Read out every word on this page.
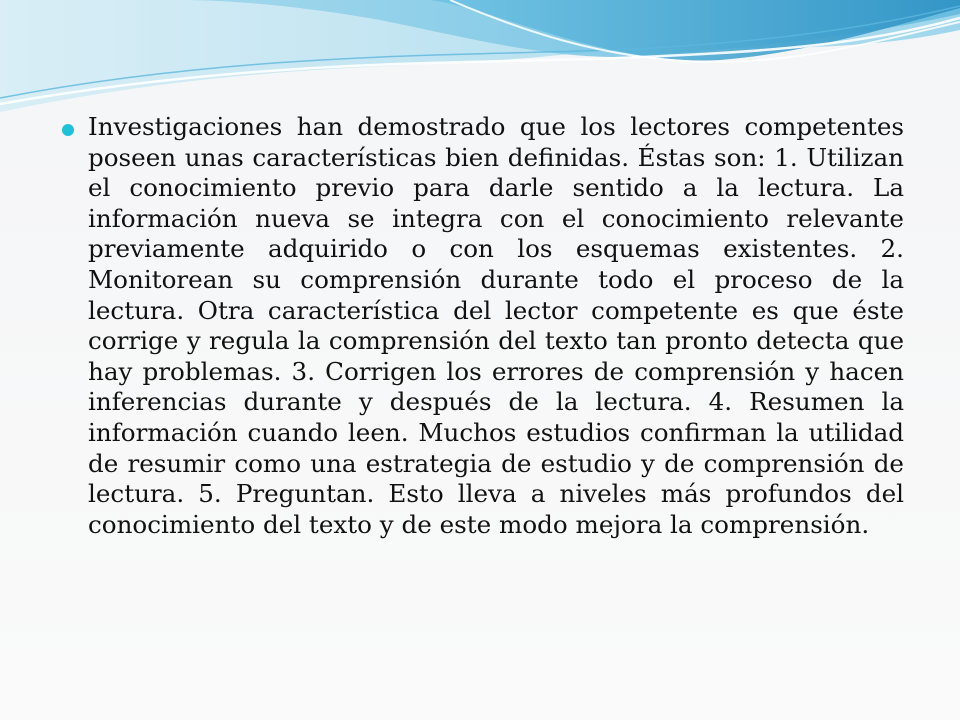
Investigaciones han demostrado que los lectores competentes poseen unas características bien definidas. Éstas son: 1. Utilizan el conocimiento previo para darle sentido a la lectura. La información nueva se integra con el conocimiento relevante previamente adquirido o con los esquemas existentes. 2. Monitorean su comprensión durante todo el proceso de la lectura. Otra característica del lector competente es que éste corrige y regula la comprensión del texto tan pronto detecta que hay problemas. 3. Corrigen los errores de comprensión y hacen inferencias durante y después de la lectura. 4. Resumen la información cuando leen. Muchos estudios confirman la utilidad de resumir como una estrategia de estudio y de comprensión de lectura. 5. Preguntan. Esto lleva a niveles más profundos del conocimiento del texto y de este modo mejora la comprensión.
